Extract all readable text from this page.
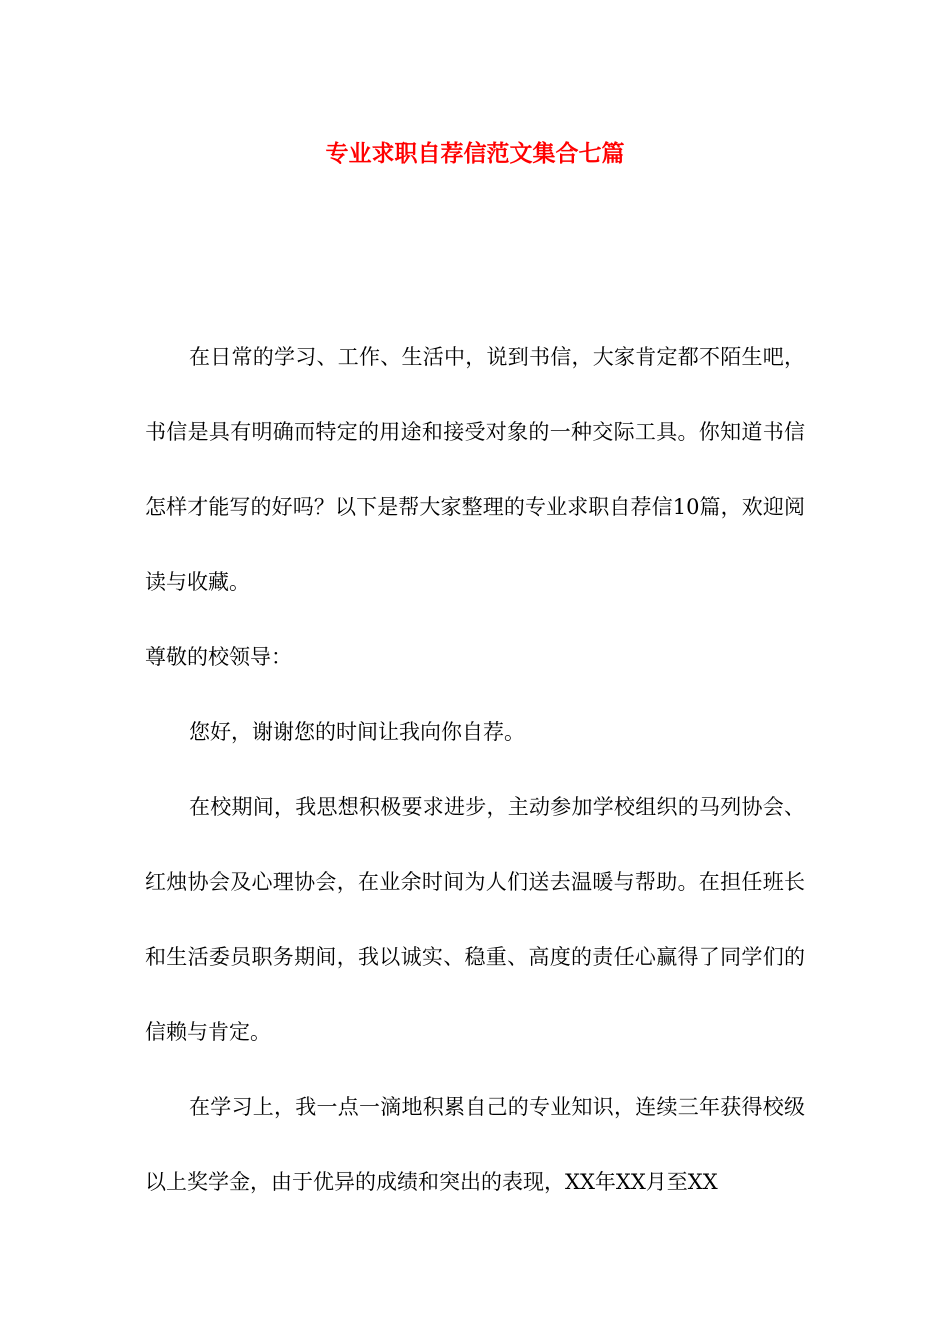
专业求职自荐信范文集合七篇

在日常的学习、工作、生活中，说到书信，大家肯定都不陌生吧，书信是具有明确而特定的用途和接受对象的一种交际工具。你知道书信怎样才能写的好吗？以下是帮大家整理的专业求职自荐信10篇，欢迎阅读与收藏。

尊敬的校领导：

您好，谢谢您的时间让我向你自荐。

在校期间，我思想积极要求进步，主动参加学校组织的马列协会、红烛协会及心理协会，在业余时间为人们送去温暖与帮助。在担任班长和生活委员职务期间，我以诚实、稳重、高度的责任心赢得了同学们的信赖与肯定。

在学习上，我一点一滴地积累自己的专业知识，连续三年获得校级以上奖学金，由于优异的成绩和突出的表现，XX年XX月至XX
